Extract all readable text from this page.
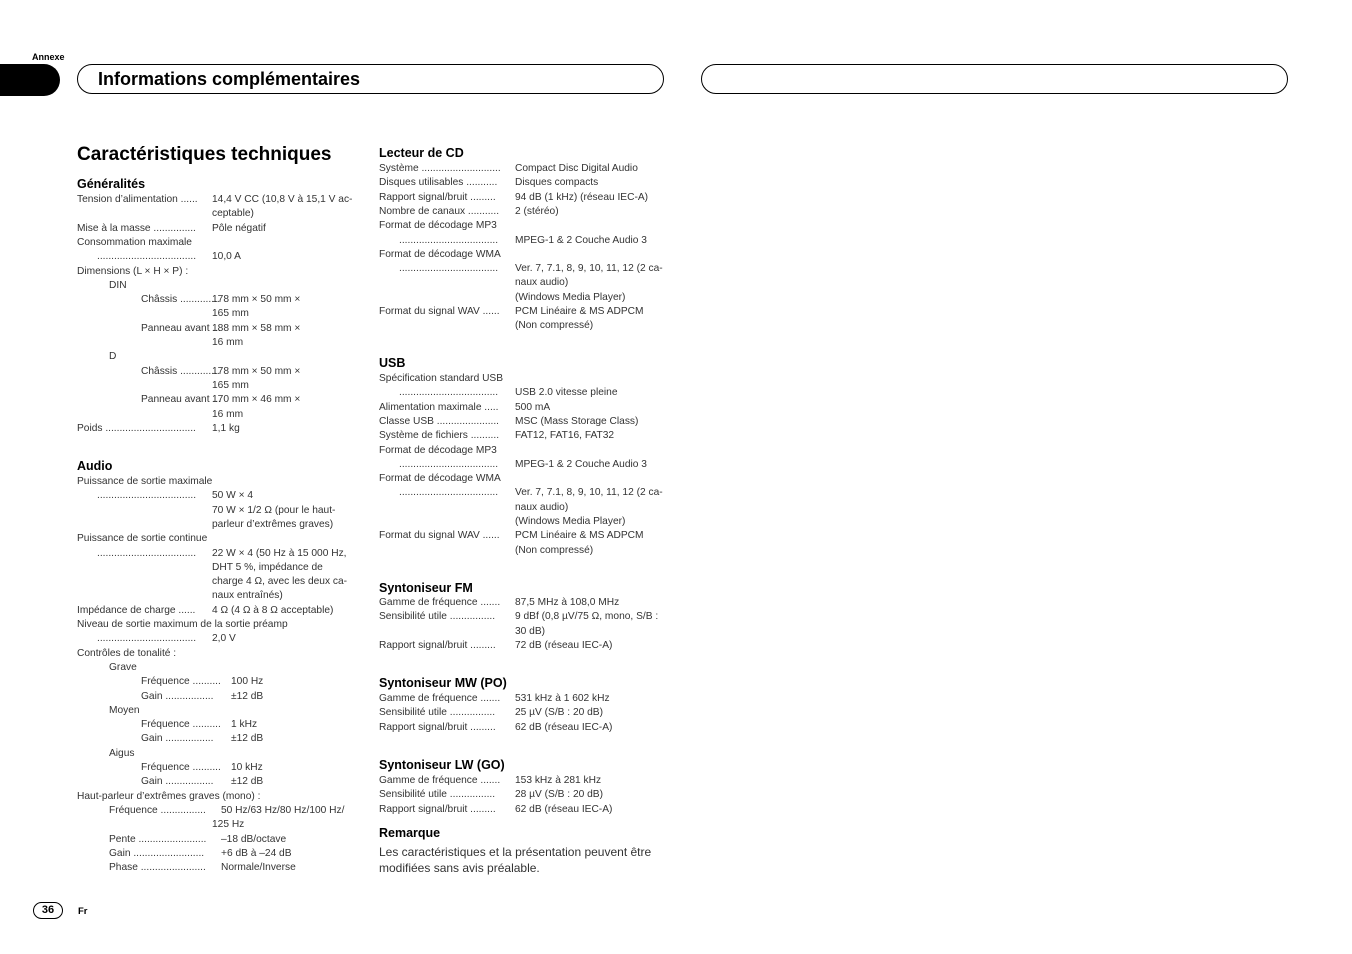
Annexe
Informations complémentaires
Caractéristiques techniques
Généralités
Tension d’alimentation ...... 14,4 V CC (10,8 V à 15,1 V ac-
ceptable)
Mise à la masse ............... Pôle négatif
Consommation maximale
................................... 10,0 A
Dimensions (L × H × P) :
DIN
Châssis ..............
178 mm × 50 mm ×
165 mm
Panneau avant ...
188 mm × 58 mm ×
16 mm
D
Châssis ..............
178 mm × 50 mm ×
165 mm
Panneau avant ...
170 mm × 46 mm ×
16 mm
Poids ................................ 1,1 kg
Audio
Puissance de sortie maximale
................................... 50 W × 4
70 W × 1/2 Ω (pour le haut-
parleur d’extrêmes graves)
Puissance de sortie continue
................................... 22 W × 4 (50 Hz à 15 000 Hz,
DHT 5 %, impédance de
charge 4 Ω, avec les deux ca-
naux entraînés)
Impédance de charge ...... 4 Ω (4 Ω à 8 Ω acceptable)
Niveau de sortie maximum de la sortie préamp
................................... 2,0 V
Contrôles de tonalité :
Grave
Fréquence .......... 100 Hz
Gain ................. ±12 dB
Moyen
Fréquence .......... 1 kHz
Gain ................. ±12 dB
Aigus
Fréquence .......... 10 kHz
Gain ................. ±12 dB
Haut-parleur d’extrêmes graves (mono) :
Fréquence ................ 50 Hz/63 Hz/80 Hz/100 Hz/
125 Hz
Pente ........................ –18 dB/octave
Gain ......................... +6 dB à –24 dB
Phase ....................... Normale/Inverse
Lecteur de CD
Système ............................ Compact Disc Digital Audio
Disques utilisables ........... Disques compacts
Rapport signal/bruit ......... 94 dB (1 kHz) (réseau IEC-A)
Nombre de canaux ........... 2 (stéréo)
Format de décodage MP3
................................... MPEG-1 & 2 Couche Audio 3
Format de décodage WMA
................................... Ver. 7, 7.1, 8, 9, 10, 11, 12 (2 ca-
naux audio)
(Windows Media Player)
Format du signal WAV ...... PCM Linéaire & MS ADPCM
(Non compressé)
USB
Spécification standard USB
................................... USB 2.0 vitesse pleine
Alimentation maximale ..... 500 mA
Classe USB ...................... MSC (Mass Storage Class)
Système de fichiers .......... FAT12, FAT16, FAT32
Format de décodage MP3
................................... MPEG-1 & 2 Couche Audio 3
Format de décodage WMA
................................... Ver. 7, 7.1, 8, 9, 10, 11, 12 (2 ca-
naux audio)
(Windows Media Player)
Format du signal WAV ...... PCM Linéaire & MS ADPCM
(Non compressé)
Syntoniseur FM
Gamme de fréquence ....... 87,5 MHz à 108,0 MHz
Sensibilité utile ................ 9 dBf (0,8 µV/75 Ω, mono, S/B :
30 dB)
Rapport signal/bruit ......... 72 dB (réseau IEC-A)
Syntoniseur MW (PO)
Gamme de fréquence ....... 531 kHz à 1 602 kHz
Sensibilité utile ................ 25 µV (S/B : 20 dB)
Rapport signal/bruit ......... 62 dB (réseau IEC-A)
Syntoniseur LW (GO)
Gamme de fréquence ....... 153 kHz à 281 kHz
Sensibilité utile ................ 28 µV (S/B : 20 dB)
Rapport signal/bruit ......... 62 dB (réseau IEC-A)
Remarque
Les caractéristiques et la présentation peuvent être modifiées sans avis préalable.
36	Fr
